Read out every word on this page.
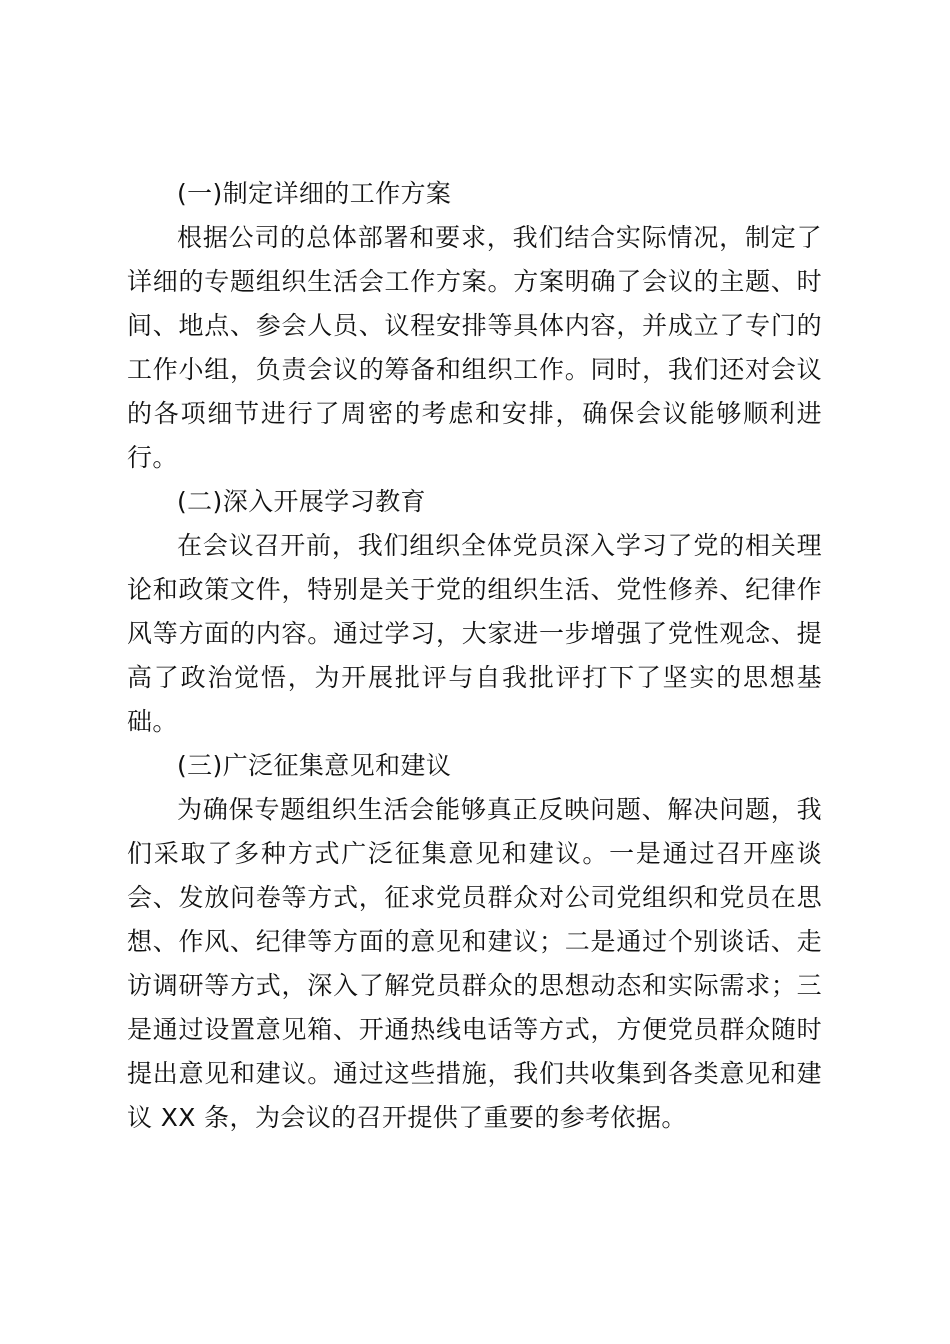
(一)制定详细的工作方案

根据公司的总体部署和要求，我们结合实际情况，制定了详细的专题组织生活会工作方案。方案明确了会议的主题、时间、地点、参会人员、议程安排等具体内容，并成立了专门的工作小组，负责会议的筹备和组织工作。同时，我们还对会议的各项细节进行了周密的考虑和安排，确保会议能够顺利进行。

(二)深入开展学习教育

在会议召开前，我们组织全体党员深入学习了党的相关理论和政策文件，特别是关于党的组织生活、党性修养、纪律作风等方面的内容。通过学习，大家进一步增强了党性观念、提高了政治觉悟，为开展批评与自我批评打下了坚实的思想基础。

(三)广泛征集意见和建议

为确保专题组织生活会能够真正反映问题、解决问题，我们采取了多种方式广泛征集意见和建议。一是通过召开座谈会、发放问卷等方式，征求党员群众对公司党组织和党员在思想、作风、纪律等方面的意见和建议；二是通过个别谈话、走访调研等方式，深入了解党员群众的思想动态和实际需求；三是通过设置意见箱、开通热线电话等方式，方便党员群众随时提出意见和建议。通过这些措施，我们共收集到各类意见和建议 XX 条，为会议的召开提供了重要的参考依据。
